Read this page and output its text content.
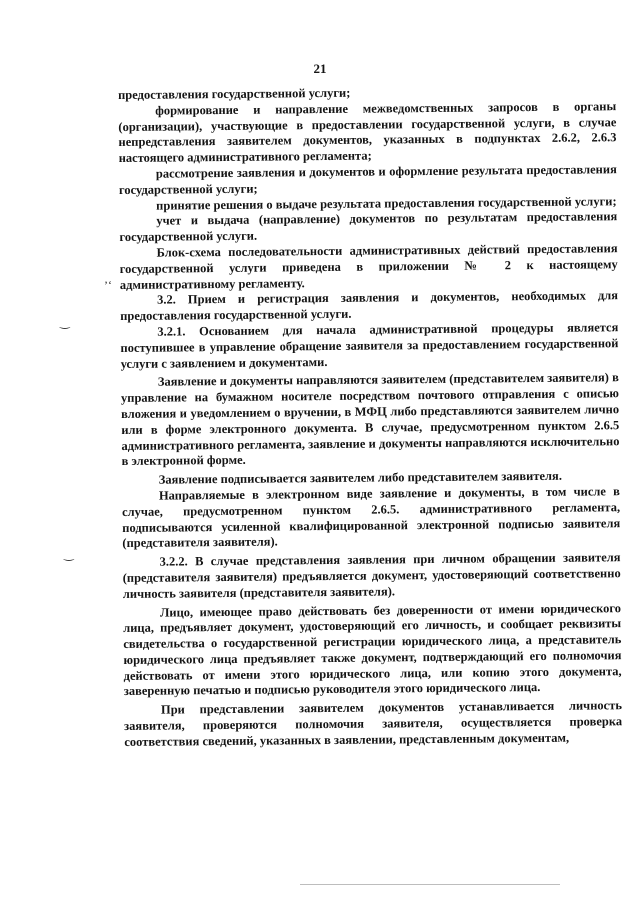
21

предоставления государственной услуги;

формирование и направление межведомственных запросов в органы (организации), участвующие в предоставлении государственной услуги, в случае непредставления заявителем документов, указанных в подпунктах 2.6.2, 2.6.3 настоящего административного регламента;

рассмотрение заявления и документов и оформление результата предоставления государственной услуги;

принятие решения о выдаче результата предоставления государственной услуги;

учет и выдача (направление) документов по результатам предоставления государственной услуги.

Блок-схема последовательности административных действий предоставления государственной услуги приведена в приложении № 2 к настоящему административному регламенту.

3.2. Прием и регистрация заявления и документов, необходимых для предоставления государственной услуги.

3.2.1. Основанием для начала административной процедуры является поступившее в управление обращение заявителя за предоставлением государственной услуги с заявлением и документами.

Заявление и документы направляются заявителем (представителем заявителя) в управление на бумажном носителе посредством почтового отправления с описью вложения и уведомлением о вручении, в МФЦ либо представляются заявителем лично или в форме электронного документа. В случае, предусмотренном пунктом 2.6.5 административного регламента, заявление и документы направляются исключительно в электронной форме.

Заявление подписывается заявителем либо представителем заявителя.

Направляемые в электронном виде заявление и документы, в том числе в случае, предусмотренном пунктом 2.6.5. административного регламента, подписываются усиленной квалифицированной электронной подписью заявителя (представителя заявителя).

3.2.2. В случае представления заявления при личном обращении заявителя (представителя заявителя) предъявляется документ, удостоверяющий соответственно личность заявителя (представителя заявителя).

Лицо, имеющее право действовать без доверенности от имени юридического лица, предъявляет документ, удостоверяющий его личность, и сообщает реквизиты свидетельства о государственной регистрации юридического лица, а представитель юридического лица предъявляет также документ, подтверждающий его полномочия действовать от имени этого юридического лица, или копию этого документа, заверенную печатью и подписью руководителя этого юридического лица.

При представлении заявителем документов устанавливается личность заявителя, проверяются полномочия заявителя, осуществляется проверка соответствия сведений, указанных в заявлении, представленным документам,

’‘
‿
‿
